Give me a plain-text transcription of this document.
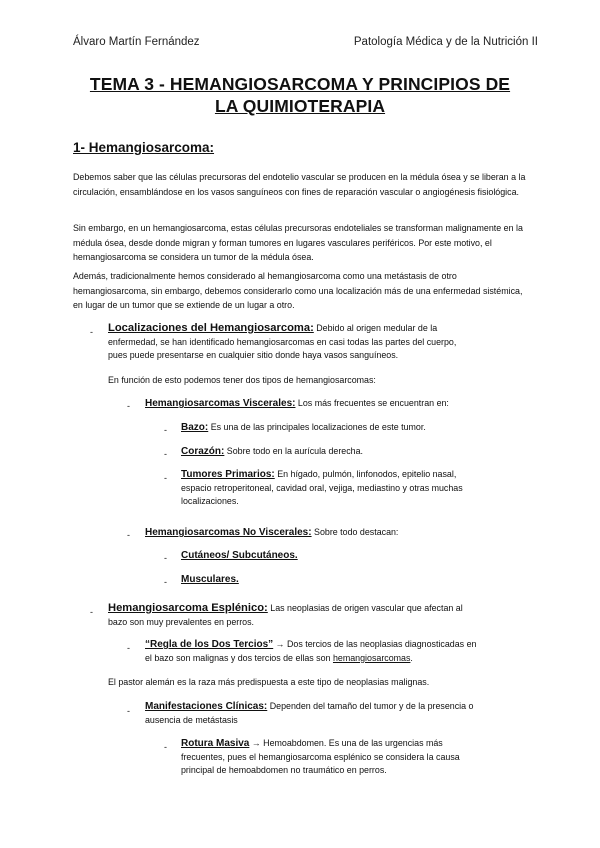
Álvaro Martín Fernández	Patología Médica y de la Nutrición II
TEMA 3 - HEMANGIOSARCOMA Y PRINCIPIOS DE
LA QUIMIOTERAPIA
1- Hemangiosarcoma:
Debemos saber que las células precursoras del endotelio vascular se producen en la médula ósea y se liberan a la circulación, ensamblándose en los vasos sanguíneos con fines de reparación vascular o angiogénesis fisiológica.
Sin embargo, en un hemangiosarcoma, estas células precursoras endoteliales se transforman malignamente en la médula ósea, desde donde migran y forman tumores en lugares vasculares periféricos. Por este motivo, el hemangiosarcoma se considera un tumor de la médula ósea.
Además, tradicionalmente hemos considerado al hemangiosarcoma como una metástasis de otro hemangiosarcoma, sin embargo, debemos considerarlo como una localización más de una enfermedad sistémica, en lugar de un tumor que se extiende de un lugar a otro.
- Localizaciones del Hemangiosarcoma: Debido al origen medular de la
enfermedad, se han identificado hemangiosarcomas en casi todas las partes del cuerpo,
pues puede presentarse en cualquier sitio donde haya vasos sanguíneos.
En función de esto podemos tener dos tipos de hemangiosarcomas:
- Hemangiosarcomas Viscerales: Los más frecuentes se encuentran en:
- Bazo: Es una de las principales localizaciones de este tumor.
- Corazón: Sobre todo en la aurícula derecha.
- Tumores Primarios: En hígado, pulmón, linfonodos, epitelio nasal,
espacio retroperitoneal, cavidad oral, vejiga, mediastino y otras muchas
localizaciones.
- Hemangiosarcomas No Viscerales: Sobre todo destacan:
- Cutáneos/ Subcutáneos.
- Musculares.
- Hemangiosarcoma Esplénico: Las neoplasias de origen vascular que afectan al
bazo son muy prevalentes en perros.
- “Regla de los Dos Tercios” → Dos tercios de las neoplasias diagnosticadas en
el bazo son malignas y dos tercios de ellas son hemangiosarcomas.
El pastor alemán es la raza más predispuesta a este tipo de neoplasias malignas.
- Manifestaciones Clínicas: Dependen del tamaño del tumor y de la presencia o
ausencia de metástasis
- Rotura Masiva → Hemoabdomen. Es una de las urgencias más
frecuentes, pues el hemangiosarcoma esplénico se considera la causa
principal de hemoabdomen no traumático en perros.
